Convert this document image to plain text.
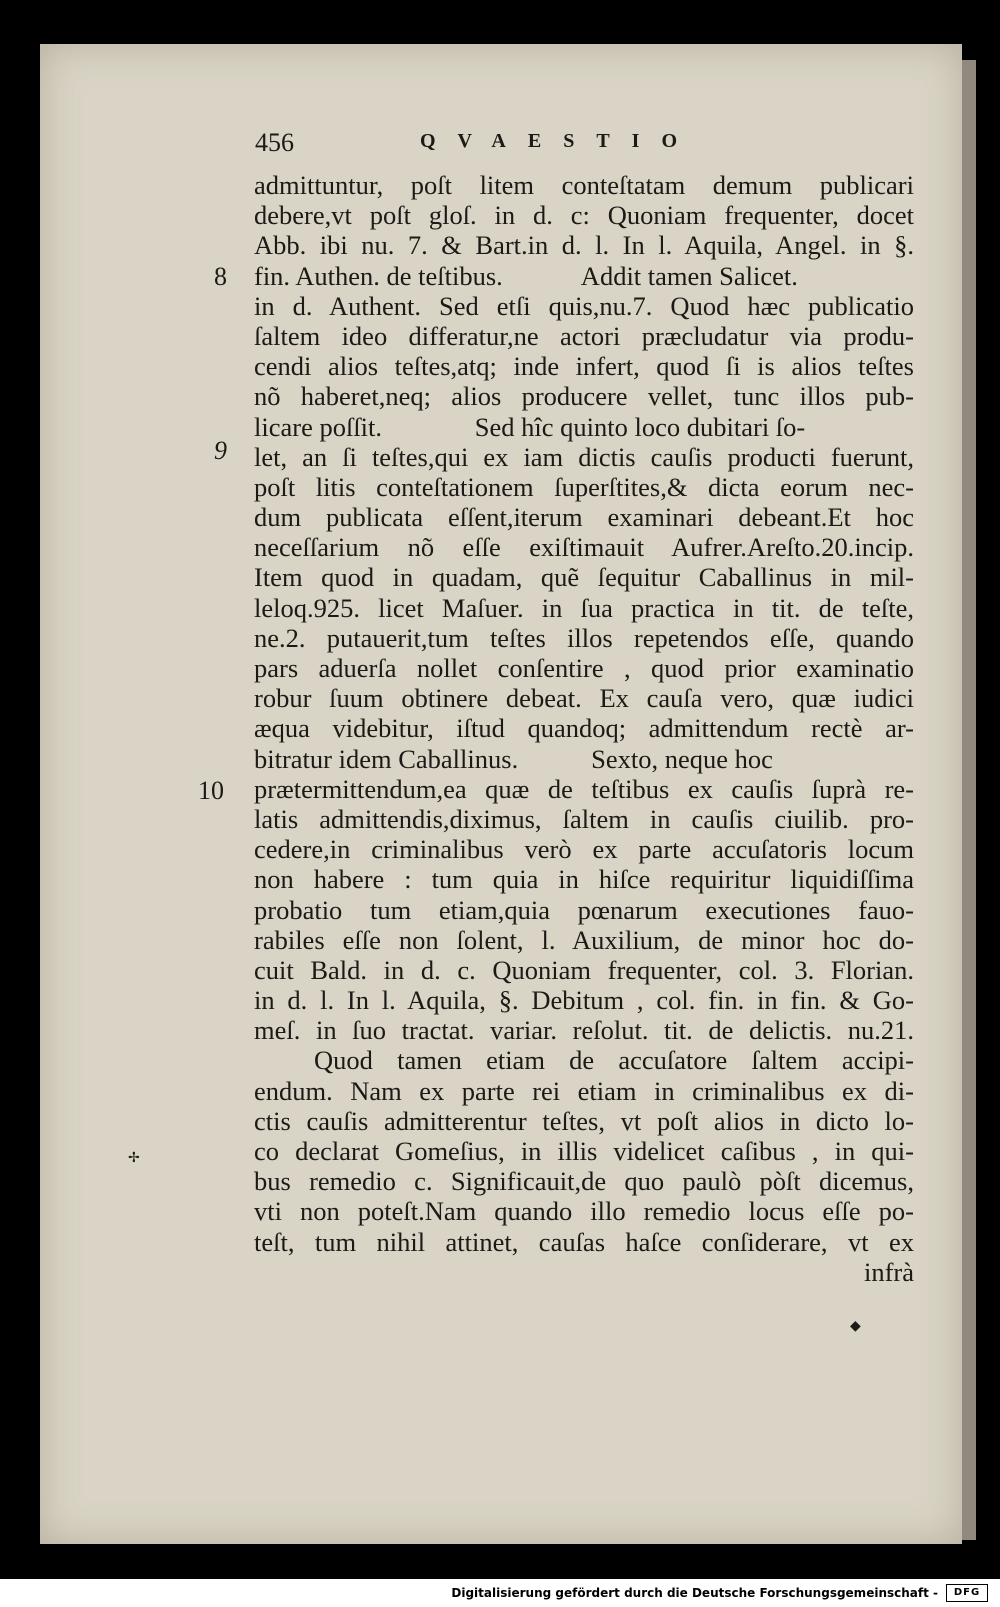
456	QVAESTIO
8
9
10
✢
◆
admittuntur, poſt litem conteſtatam demum publicari
debere,vt poſt gloſ. in d. c: Quoniam frequenter, docet
Abb. ibi nu. 7. & Bart.in d. l. In l. Aquila, Angel. in §.
fin. Authen. de teſtibus.            Addit tamen Salicet.
in d. Authent. Sed etſi quis,nu.7. Quod hæc publicatio
ſaltem ideo differatur,ne actori præcludatur via produ-
cendi alios teſtes,atq; inde infert, quod ſi is alios teſtes
nõ haberet,neq; alios producere vellet, tunc illos pub-
licare poſſit.              Sed hîc quinto loco dubitari ſo-
let, an ſi teſtes,qui ex iam dictis cauſis producti fuerunt,
poſt litis conteſtationem ſuperſtites,& dicta eorum nec-
dum publicata eſſent,iterum examinari debeant.Et hoc
neceſſarium nõ eſſe exiſtimauit Aufrer.Areſto.20.incip.
Item quod in quadam, quẽ ſequitur Caballinus in mil-
leloq.925. licet Maſuer. in ſua practica in tit. de teſte,
ne.2. putauerit,tum teſtes illos repetendos eſſe, quando
pars aduerſa nollet conſentire , quod prior examinatio
robur ſuum obtinere debeat. Ex cauſa vero, quæ iudici
æqua videbitur, iſtud quandoq; admittendum rectè ar-
bitratur idem Caballinus.           Sexto, neque hoc
prætermittendum,ea quæ de teſtibus ex cauſis ſuprà re-
latis admittendis,diximus, ſaltem in cauſis ciuilib. pro-
cedere,in criminalibus verò ex parte accuſatoris locum
non habere : tum quia in hiſce requiritur liquidiſſima
probatio tum etiam,quia pœnarum executiones fauo-
rabiles eſſe non ſolent, l. Auxilium, de minor hoc do-
cuit Bald. in d. c. Quoniam frequenter, col. 3. Florian.
in d. l. In l. Aquila, §. Debitum , col. fin. in fin. & Go-
meſ. in ſuo tractat. variar. reſolut. tit. de delictis. nu.21.
Quod tamen etiam de accuſatore ſaltem accipi-
endum. Nam ex parte rei etiam in criminalibus ex di-
ctis cauſis admitterentur teſtes, vt poſt alios in dicto lo-
co declarat Gomeſius, in illis videlicet caſibus , in qui-
bus remedio c. Significauit,de quo paulò pòſt dicemus,
vti non poteſt.Nam quando illo remedio locus eſſe po-
teſt, tum nihil attinet, cauſas haſce conſiderare, vt ex
infrà
Digitalisierung gefördert durch die Deutsche Forschungsgemeinschaft -	DFG
